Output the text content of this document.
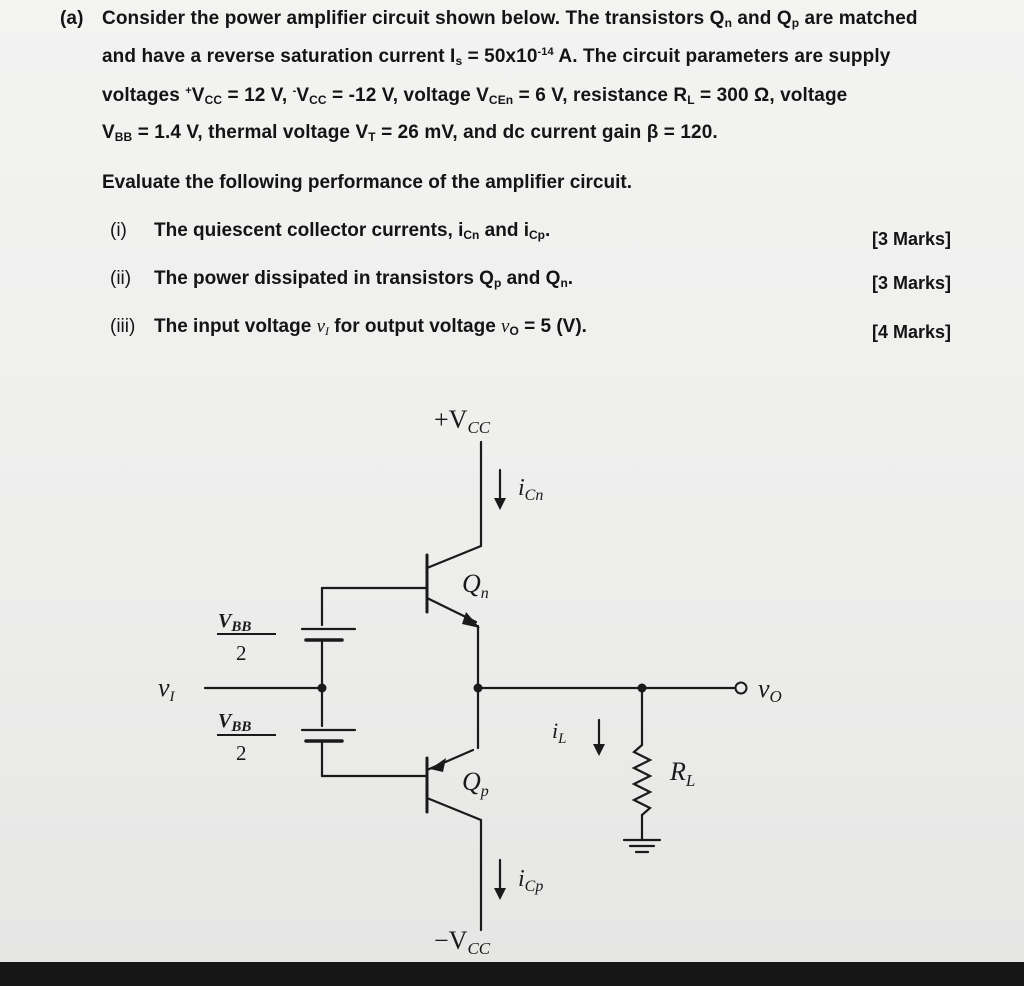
(a) Consider the power amplifier circuit shown below. The transistors $Q_n$ and $Q_p$ are matched
and have a reverse saturation current $I_s = 50x10^{-14}$ A. The circuit parameters are supply
voltages $^+V_{CC} = 12$ V, $^-V_{CC} = -12$ V, voltage $V_{CEn} = 6$ V, resistance $R_L = 300$ Ω, voltage
$V_{BB} = 1.4$ V, thermal voltage $V_T = 26$ mV, and dc current gain β = 120.
Evaluate the following performance of the amplifier circuit.
(i) The quiescent collector currents, $i_{Cn}$ and $i_{Cp}$.	[3 Marks]
(ii) The power dissipated in transistors $Q_p$ and $Q_n$.	[3 Marks]
(iii) The input voltage $v_I$ for output voltage $v_O = 5$ (V).	[4 Marks]
+VCC
$i_{Cn}$
$Q_n$
$V_{BB}$
2
vI
$V_{BB}$
2
$i_L$
$R_L$
vO
$Q_p$
$i_{Cp}$
−VCC
